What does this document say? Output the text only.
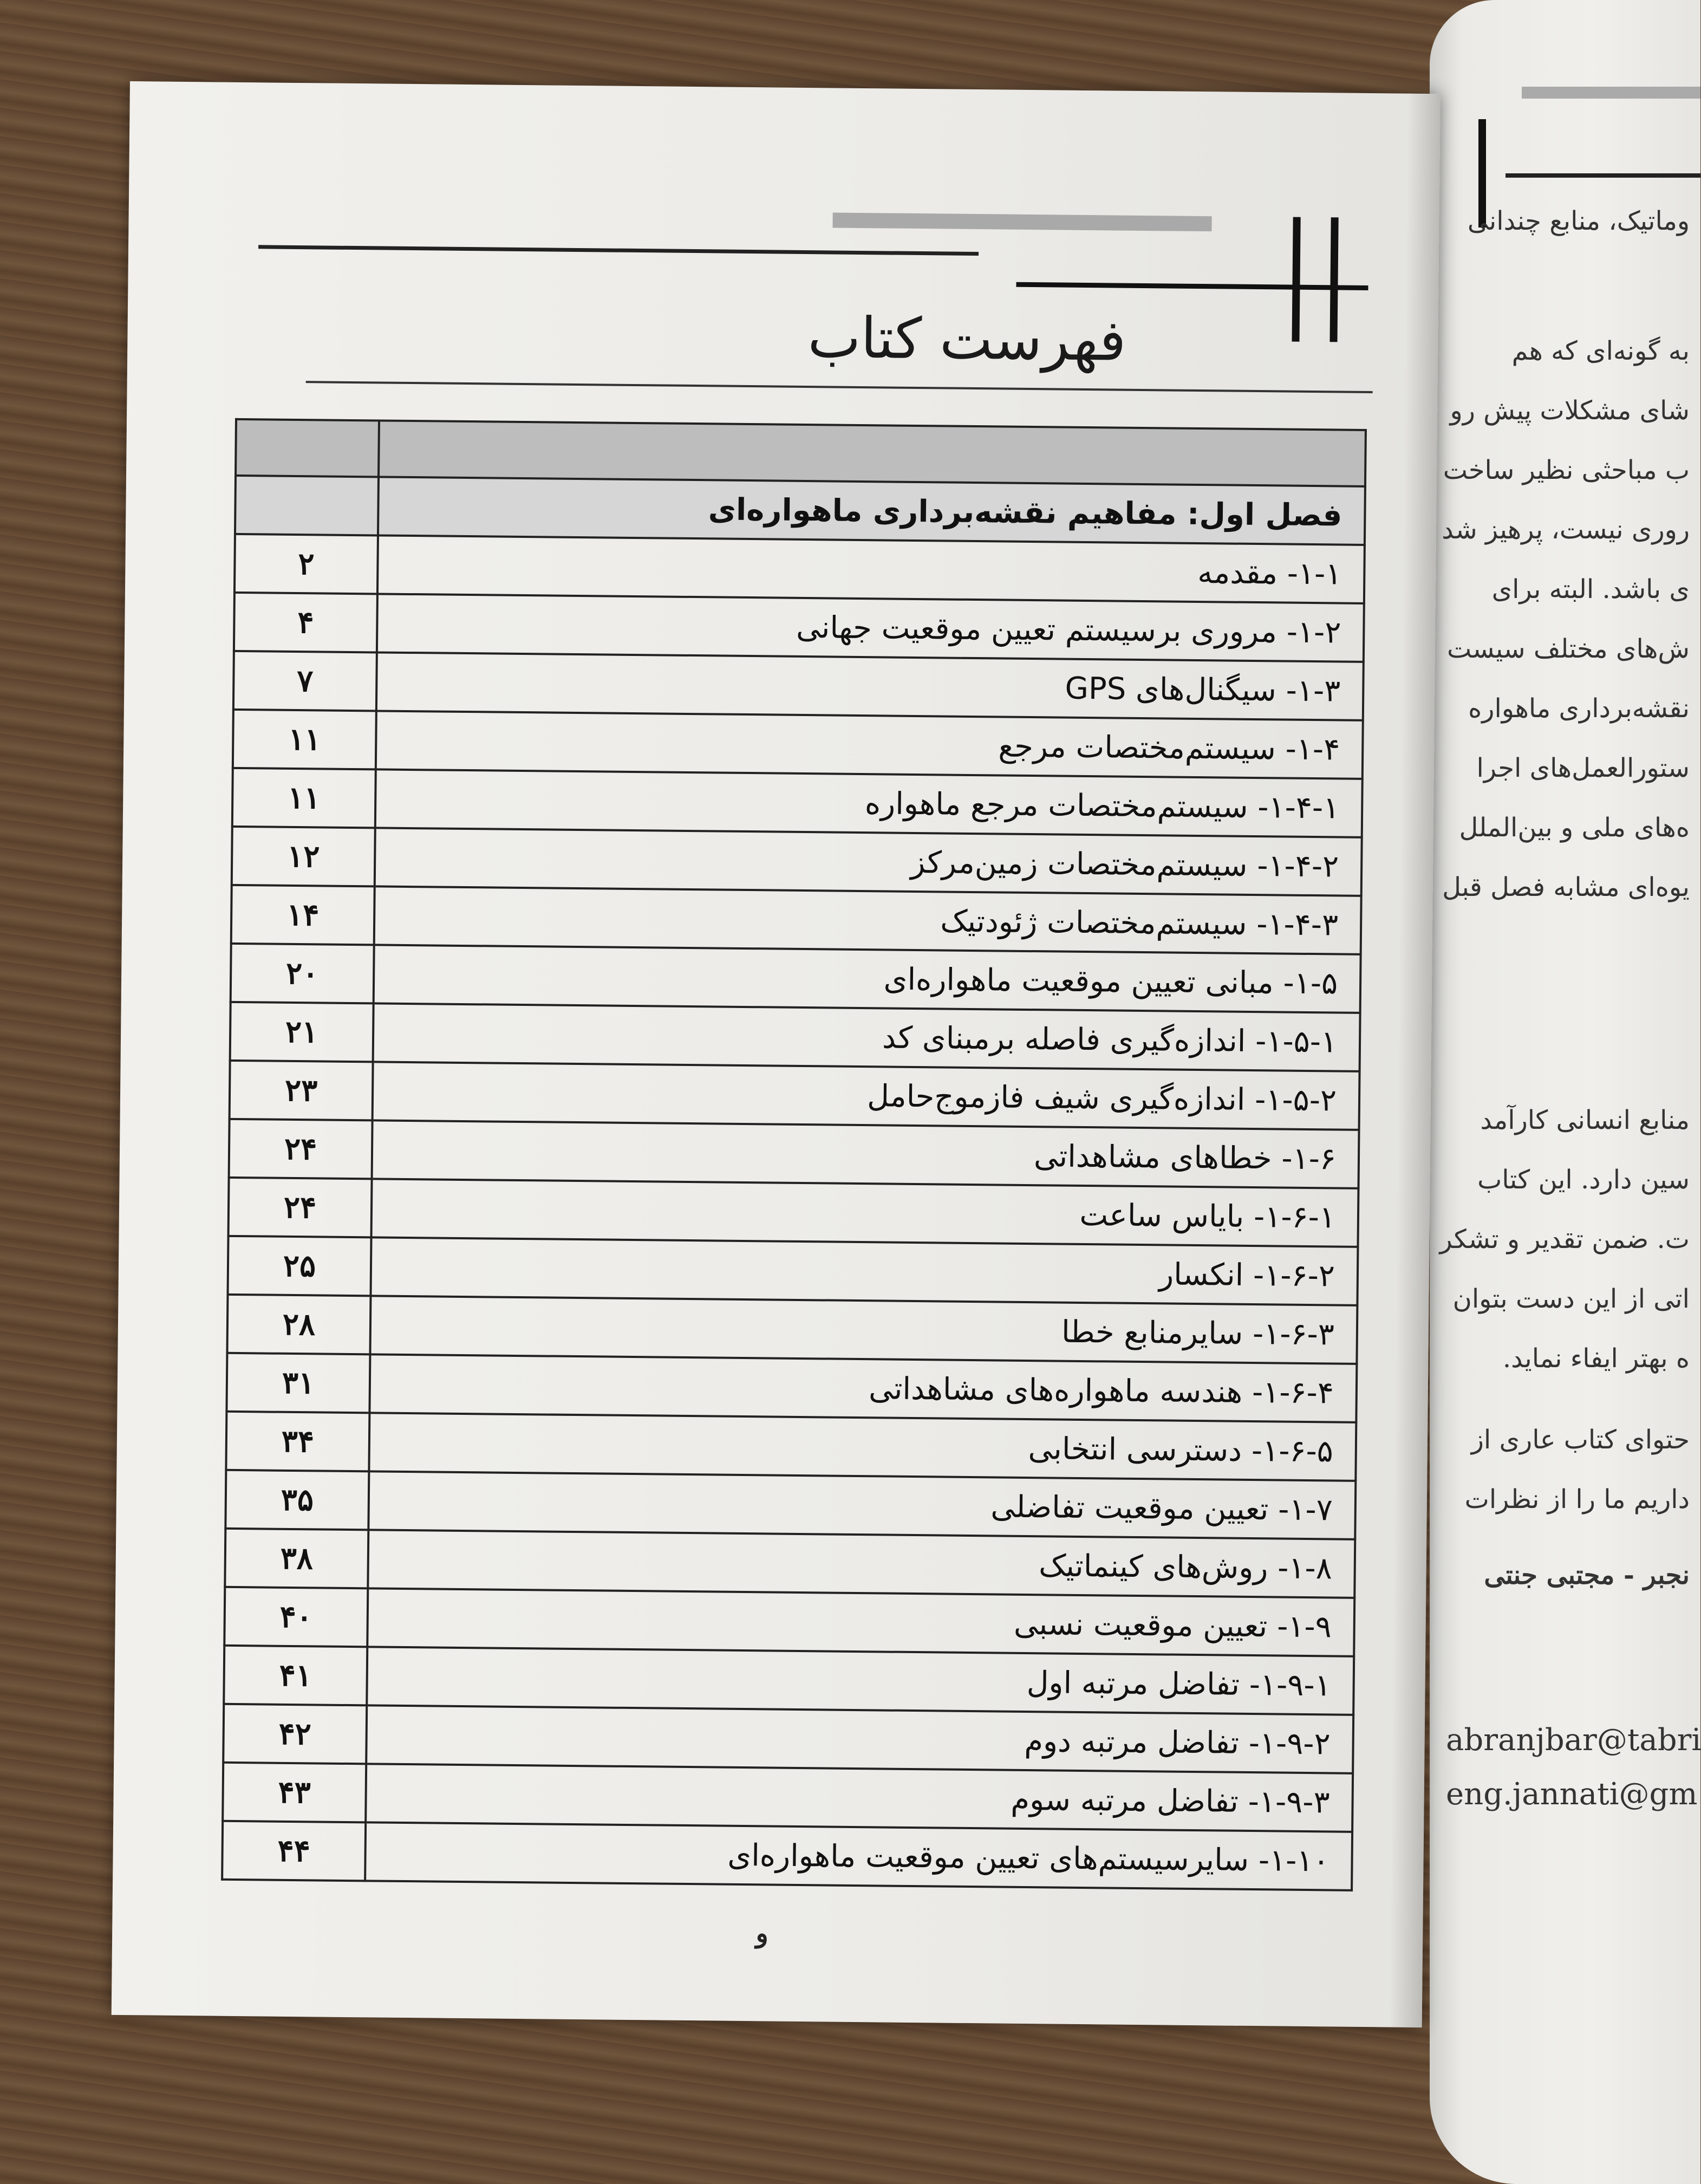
وماتیک، منابع چندانی
به گونه‌ای که هم
شای مشکلات پیش رو
ب مباحثی نظیر ساخت
روری نیست، پرهیز شد
ی باشد. البته برای
ش‌های مختلف سیست
نقشه‌برداری ماهواره
ستورالعمل‌های اجرا
ه‌های ملی و بین‌الملل
یوه‌ای مشابه فصل قبل
منابع انسانی کارآمد
سین دارد. این کتاب
ت. ضمن تقدیر و تشکر
اتی از این دست بتوان
ه بهتر ایفاء نماید.
حتوای کتاب عاری از
داریم ما را از نظرات
نجبر - مجتبی جنتی
abranjbar@tabri
eng.jannati@gm
فهرست کتاب

	فصل اول: مفاهیم نقشه‌برداری ماهواره‌ای
۲	۱-۱- مقدمه
۴	۱-۲- مروری برسیستم تعیین موقعیت جهانی
۷	۱-۳- سیگنال‌های GPS
۱۱	۱-۴- سیستم‌مختصات مرجع
۱۱	۱-۴-۱- سیستم‌مختصات مرجع ماهواره
۱۲	۱-۴-۲- سیستم‌مختصات زمین‌مرکز
۱۴	۱-۴-۳- سیستم‌مختصات ژئودتیک
۲۰	۱-۵- مبانی تعیین موقعیت ماهواره‌ای
۲۱	۱-۵-۱- اندازه‌گیری فاصله برمبنای کد
۲۳	۱-۵-۲- اندازه‌گیری شیف فازموج‌حامل
۲۴	۱-۶- خطاهای مشاهداتی
۲۴	۱-۶-۱- بایاس ساعت
۲۵	۱-۶-۲- انکسار
۲۸	۱-۶-۳- سایرمنابع خطا
۳۱	۱-۶-۴- هندسه ماهواره‌های مشاهداتی
۳۴	۱-۶-۵- دسترسی انتخابی
۳۵	۱-۷- تعیین موقعیت تفاضلی
۳۸	۱-۸- روش‌های کینماتیک
۴۰	۱-۹- تعیین موقعیت نسبی
۴۱	۱-۹-۱- تفاضل مرتبه اول
۴۲	۱-۹-۲- تفاضل مرتبه دوم
۴۳	۱-۹-۳- تفاضل مرتبه سوم
۴۴	۱-۱۰- سایرسیستم‌های تعیین موقعیت ماهواره‌ای
و
